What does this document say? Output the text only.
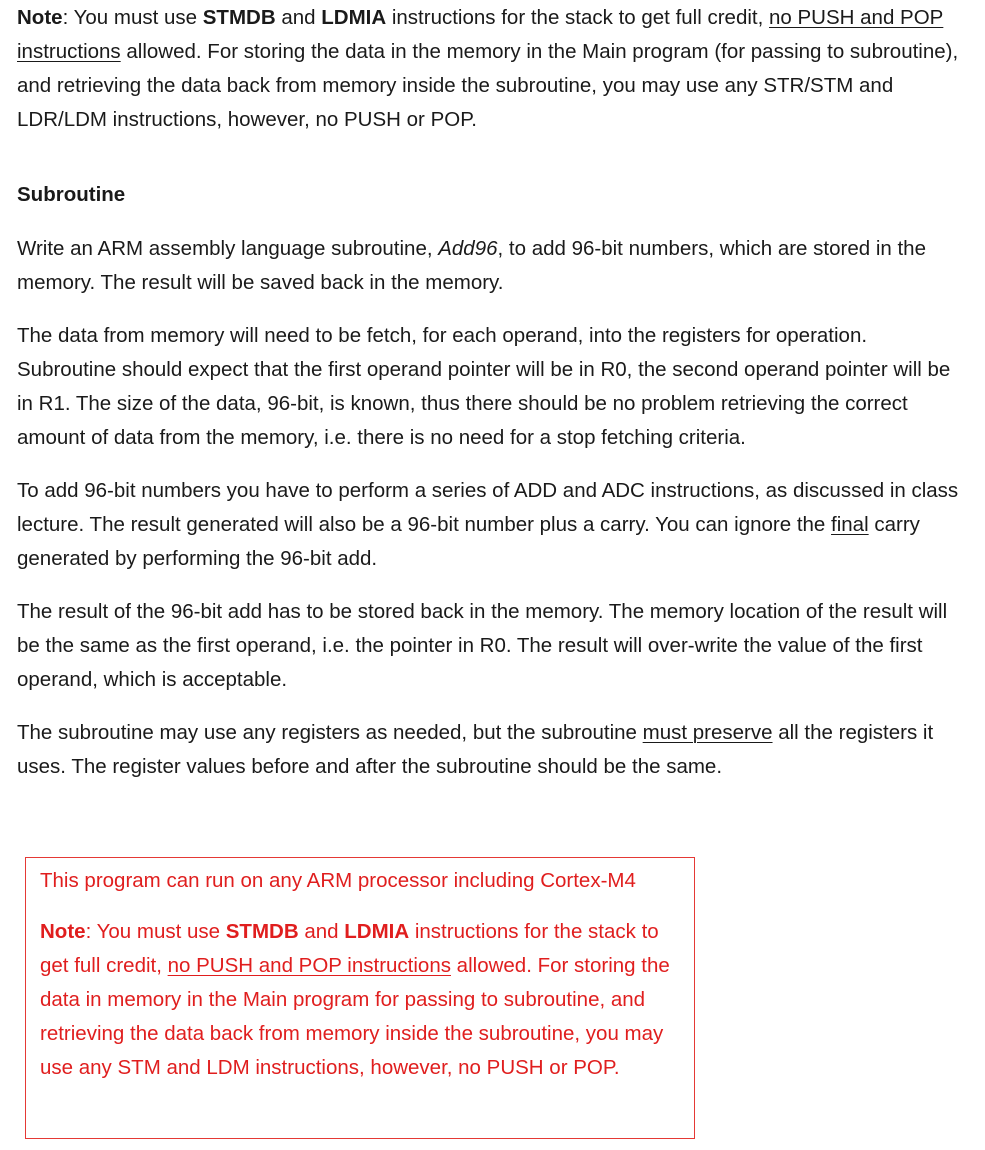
Note: You must use STMDB and LDMIA instructions for the stack to get full credit, no PUSH and POP instructions allowed. For storing the data in the memory in the Main program (for passing to subroutine), and retrieving the data back from memory inside the subroutine, you may use any STR/STM and LDR/LDM instructions, however, no PUSH or POP.

Subroutine

Write an ARM assembly language subroutine, Add96, to add 96-bit numbers, which are stored in the memory. The result will be saved back in the memory.

The data from memory will need to be fetch, for each operand, into the registers for operation. Subroutine should expect that the first operand pointer will be in R0, the second operand pointer will be in R1. The size of the data, 96-bit, is known, thus there should be no problem retrieving the correct amount of data from the memory, i.e. there is no need for a stop fetching criteria.

To add 96-bit numbers you have to perform a series of ADD and ADC instructions, as discussed in class lecture. The result generated will also be a 96-bit number plus a carry. You can ignore the final carry generated by performing the 96-bit add.

The result of the 96-bit add has to be stored back in the memory. The memory location of the result will be the same as the first operand, i.e. the pointer in R0. The result will over-write the value of the first operand, which is acceptable.

The subroutine may use any registers as needed, but the subroutine must preserve all the registers it uses. The register values before and after the subroutine should be the same.

This program can run on any ARM processor including Cortex-M4

Note: You must use STMDB and LDMIA instructions for the stack to get full credit, no PUSH and POP instructions allowed. For storing the data in memory in the Main program for passing to subroutine, and retrieving the data back from memory inside the subroutine, you may use any STM and LDM instructions, however, no PUSH or POP.
